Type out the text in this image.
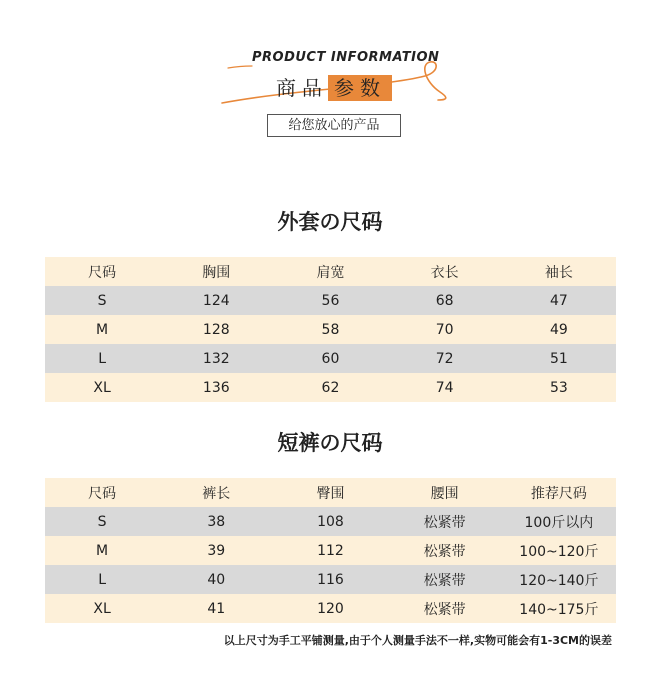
PRODUCT INFORMATION
商品 参数
给您放心的产品
外套の尺码
尺码	胸围	肩宽	衣长	袖长
S	124	56	68	47
M	128	58	70	49
L	132	60	72	51
XL	136	62	74	53
短裤の尺码
尺码	裤长	臀围	腰围	推荐尺码
S	38	108	松紧带	100斤以内
M	39	112	松紧带	100~120斤
L	40	116	松紧带	120~140斤
XL	41	120	松紧带	140~175斤
以上尺寸为手工平铺测量,由于个人测量手法不一样,实物可能会有1-3CM的误差
